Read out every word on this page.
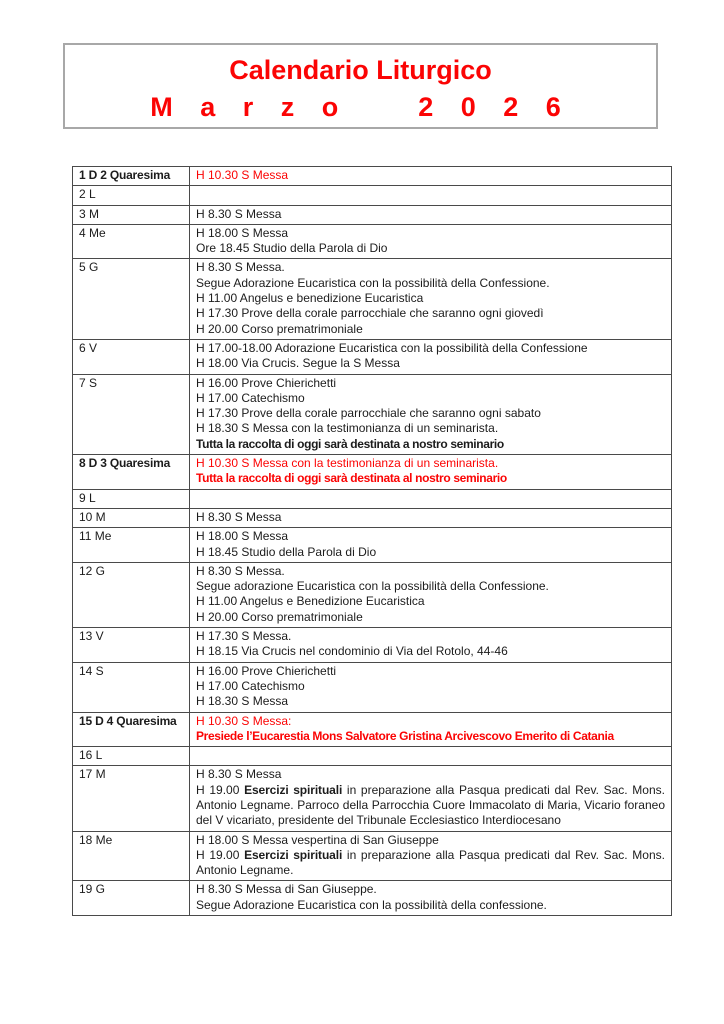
Calendario Liturgico
M a r z o    2 0 2 6
1 D 2 Quaresima	H 10.30 S Messa

2 L	
3 M	H 8.30 S Messa

4 Me	H 18.00 S Messa
Ore 18.45 Studio della Parola di Dio

5 G	H 8.30 S Messa.
Segue Adorazione Eucaristica con la possibilità della Confessione.
H 11.00 Angelus e benedizione Eucaristica
H 17.30 Prove della corale parrocchiale che saranno ogni giovedì
H 20.00 Corso prematrimoniale

6 V	H 17.00-18.00 Adorazione Eucaristica con la possibilità della Confessione
H 18.00 Via Crucis. Segue la S Messa

7 S	H 16.00 Prove Chierichetti
H 17.00 Catechismo
H 17.30 Prove della corale parrocchiale che saranno ogni sabato
H 18.30 S Messa con la testimonianza di un seminarista.
Tutta la raccolta di oggi sarà destinata a nostro seminario

8 D 3 Quaresima	H 10.30 S Messa con la testimonianza di un seminarista.
Tutta la raccolta di oggi sarà destinata al nostro seminario

9 L	
10 M	H 8.30 S Messa

11 Me	H 18.00 S Messa
H 18.45 Studio della Parola di Dio

12 G	H 8.30 S Messa.
Segue adorazione Eucaristica con la possibilità della Confessione.
H 11.00 Angelus e Benedizione Eucaristica
H 20.00 Corso prematrimoniale

13 V	H 17.30 S Messa.
H 18.15 Via Crucis nel condominio di Via del Rotolo, 44-46

14 S	H 16.00 Prove Chierichetti
H 17.00 Catechismo
H 18.30 S Messa

15 D 4 Quaresima	H 10.30 S Messa:
Presiede l’Eucarestia Mons Salvatore Gristina Arcivescovo Emerito di Catania

16 L	
17 M	H 8.30 S Messa
H 19.00 Esercizi spirituali in preparazione alla Pasqua predicati dal Rev. Sac. Mons. Antonio Legname. Parroco della Parrocchia Cuore Immacolato di Maria, Vicario foraneo del V vicariato, presidente del Tribunale Ecclesiastico Interdiocesano

18 Me	H 18.00 S Messa vespertina di San Giuseppe
H 19.00 Esercizi spirituali in preparazione alla Pasqua predicati dal Rev. Sac. Mons. Antonio Legname.

19 G	H 8.30 S Messa di San Giuseppe.
Segue Adorazione Eucaristica con la possibilità della confessione.
